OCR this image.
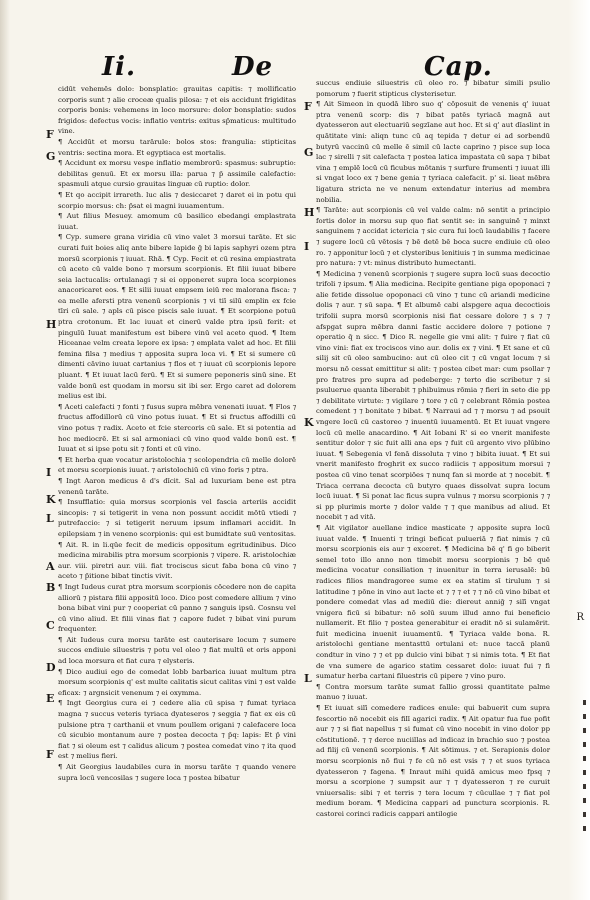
Ii.	De	Cap.

cidūt vehemēs dolo: bonsplatio: grauitas capitis: ⁊ mollificatio corporis sunt ⁊ alie croceæ qualis pilosa: ⁊ et eis accidunt frigiditas corporis bonis: vehemens in loco morsure: dolor bonsplatio: sudos frigidos: defectus vocis: inflatio ventris: exitus sp̄maticus: multitudo vine.

¶ Accidūt et morsu tarārule: bolos stos: frangulia: stipticitas ventris: sectina mora. Et egyptiaca est mortalis.

¶ Accidunt ex morsu vespe inflatio membrorū: spasmus: subruptio: debilitas genuū. Et ex morsu illa: parua ⁊ p̄ assimile calefactio: spasmuli atque cursio grauitas linguæ cū ruptio: dolor.

¶ Et qo accipit irrareth. luc alis ⁊ desiccaret ⁊ daret ei in potu qui scorpio morsus: ch: p̄sat ei magni iuuamentum.

¶ Aut filius Mesuey. amomum cū basilico ebedangi emplastrata iuuat.

¶ Cyp. sumere grana viridia cū vino valet 3 morsui tarāte. Et sic curati fuit boies aliq ante bibere lapide ḡ bi lapis saphyri ozem ptra morsū scorpionis ⁊ iuuat. Rhā. ¶ Cyp. Fecit et cū resina empiastrata cū aceto cū valde bono ⁊ morsum scorpionis. Et filii iuuat bibere seia lactucalis: ortulanagi ⁊ si ei opponeret supra loca scorpiones anacoricaret eos. ¶ Et silii iuuat empsem ieiū rec malorana fisca: ⁊ ea melle afersti ptra venenū scorpionis ⁊ vi tiī silū emplin ex fcie tīri cū sale. ⁊ apls cū pisce piscis sale iuuat. ¶ Et scorpione potuū ptra crotonum. Et lac iuuat et cinerū valde ptra ipsū ferit: et pinguīū Iuuat manifestum est bibere vinū vel aceto quod. ¶ Item Hiceanae velm creata lepore ex ipsa: ⁊ emplata valet ad hoc. Et filii femina filsa ⁊ medius ⁊ apposita supra loca vi. ¶ Et si sumere cū dimenti cāvino iuuat cartanius ⁊ flos et ⁊ iuuat cū scorpionis lepore pluant. ¶ Et iuuat lacū ferū. ¶ Et si sumere peponeris sinū sine. Et valde bonū est quodam in morsu sit ibi ser. Ergo caret ad dolorem melius est ibi.

¶ Aceti calefacti ⁊ fonti ⁊ fusus supra mēbra venenati iuuat. ¶ Flos ⁊ fructus affodillorū cū vino potus iuuat. ¶ Et si fructus affodilli cū vino potus ⁊ radix. Aceto et fcie stercoris cū sale. Et si potentia ad hoc mediocrē. Et si sal armoniaci cū vino quod valde bonū est. ¶ Iuuat et si ipse potu sit ⁊ fonti et cū vino.

¶ Et herba quæ vocatur aristolochia ⁊ scolopendria cū melle dolorē et morsu scorpionis iuuat. ⁊ aristolochiū cū vino foris ⁊ ptra.

¶ Ingt Aaron medicus ē d's dīcit. Sal ad luxuriam bene est ptra venenū tarāte.

¶ Insufflatio: quia morsus scorpionis vel fascia arteriis accidit sincopis: ⁊ si tetigerit in vena non possunt accidit mōtū vtiedi ⁊ putrefaccio: ⁊ si tetigerit neruum ipsum inflamari accidit. In epilepsiam ⁊ in veneno scorpionis: qui est bumidtate suū ventositas.

¶ Ait. R. in li.qūe fecit de medicis oppositum egritudinibus. Dico medicina mirabilis ptra morsum scorpionis ⁊ vipere. R. aristolochiæ aur. viii. piretri aur. viii. fiat trociscus sicut faba bona cū vino ⁊ aceto ⁊ p̄itione bibat tinctis vivit.

¶ Ingt Iudeus curat ptra morsum scorpionis cōcedere non de capita alliorū ⁊ pistara filii appositū loco. Dico post comedere allium ⁊ vino bona bibat vini pur ⁊ cooperiat cū panno ⁊ sanguis ipsū. Cosnsu vel cū vino aliud. Et filii vinas fiat ⁊ capore fudet ⁊ bibat vini purum frequenter.

¶ Ait Iudeus cura morsu tarāte est cauterisare locum ⁊ sumere succos endiuie siluestris ⁊ potu vel oleo ⁊ fiat multū et oris apponi ad loca morsura et fiat cura ⁊ elysteris.

¶ Dico audiui ego de comedat lobb barbarica iuuat multum ptra morsum scorpionis q' est multe calitatis sicut calitas vini ⁊ est valde eficax: ⁊ argnsicit venenum ⁊ ei oxymma.

¶ Ingt Georgius cura ei ⁊ cedere alia cū spisa ⁊ fumat tyriaca magna ⁊ succus veteris tyriaca dyateseros ⁊ seggia ⁊ fiat ex eis cū pulsione ptra ⁊ carthanii et vnum poullem origani ⁊ calefacere loca cū sicubio montanum aure ⁊ postea decocta ⁊ p̄q: lapis: Et p̄ vini fiat ⁊ si oleum est ⁊ calidus alicum ⁊ postea comedat vino ⁊ ita quod est ⁊ melius fieri.

¶ Ait Georgius laudabiles cura in morsu tarāte ⁊ quando venere supra locū vencosilas ⁊ sugere loca ⁊ postea bibatur

succus endiuie siluestris cū oleo ro. ⁊ bibatur simili psulio pomorum ⁊ fuerit stipticus clysterisetur.

¶ Ait Simeon in quodā libro suo q' cōposuit de venenis q' iuuat ptra venenū scorp: dis ⁊ bibat patēs tyriacā magnā aut dyatesseron aut electuariū segzīane aut hoc. Et si q' aut dīaslint in quātitate vini: aliqn tunc cū aq tepida ⁊ detur ei ad sorbendū butyrū vaccinū cū melle ē simil cū lacte caprino ⁊ pisce sup loca lac ⁊ sirelli ⁊ sit calefacta ⁊ postea latica impastata cū sapa ⁊ bibat vina ⁊ emplē locū cū ficubus mōtanis ⁊ surfure frumenti ⁊ iuuat illi si vngat loco ex ⁊ bene genia ⁊ tyriaca calefacit. p' si. lieat mēbra ligatura stricta ne ve nenum extendatur interius ad membra nobilia.

¶ Tarāte: aut scorpionis cū vel valde calm: nō sentit a principio fortis dolor in morsu sup quo fiat sentit se: in sanguinē ⁊ minxt sanguinem ⁊ accidat ictericia ⁊ sic cura fui locū laudabilis ⁊ facere ⁊ sugere locū cū vētosis ⁊ bē detē bē boca sucre endiuie cū oleo ro. ⁊ apponitur locū ⁊ et clysteribus lenitiuis ⁊ in summa medicinae pro natura: ⁊ vt: minus distributo humectanti.

¶ Medicina ⁊ venenū scorpionis ⁊ sugere supra locū suas decoctio trifoli ⁊ ipsum. ¶ Alia medicina. Recipite gentiane piga opoponaci ⁊ alie fetide dissolue opoponaci cū vino ⁊ tunc cū ariandi medicine dolis ⁊ aur. ⁊ sū sapa. ¶ Et albumē cabi alspgere aqua decoctiois trifolii supra morsū scorpionis nisi fiat cessare dolore ⁊ s ⁊ ⁊ afspgat supra mēbra danni fastic accidere dolore ⁊ potione ⁊ operatio q̄ n sicc. ¶ Dico R. negelle gie vmi alit: ⁊ fuire ⁊ fiat cū vino vini: fiat ex trociscos vino aur. dolis ex ⁊ vini. ¶ Et sane et cū silij sit cū oleo sambucino: aut cū oleo cit ⁊ cū vngat locum ⁊ si morsu nō cessat emittitur si alit: ⁊ postea cibet mar: cum psollar ⁊ pro fratres pro supra ad pedeberge: ⁊ terto die scribetur ⁊ si psuluerue quanta liberabit ⁊ phibuimus rōmia ⁊ fieri in seto die pp ⁊ debilitate virtute: ⁊ vigilare ⁊ tore ⁊ cū ⁊ celebrant Rōmia postea comedent ⁊ ⁊ bonitate ⁊ bibat. ¶ Narraui ad ⁊ ⁊ morsu ⁊ ad psouit vngere locū cū castoreo ⁊ inuentū iuuamentū. Et Et iuuat vngere locū cū melle anacardino. ¶ Ait Iobani R' si eo vnerit manifeste sentitur dolor ⁊ sic fuit alli ana eps ⁊ fuit cū argento vivo plūbino iuuat. ¶ Sebegenia vl fenā dissoluta ⁊ vino ⁊ bibita iuuat. ¶ Et sui vnerit manifesto froghrit ex succo radiicis ⁊ appositum morsui ⁊ postea cū vino tenat scorpiōes ⁊ nunq fan si morde at ⁊ nocebit. ¶ Triaca cerrana decocta cū butyro quaes dissolvat supra locum locū iuuat. ¶ Si ponat lac ficus supra vulnus ⁊ morsu scorpionis ⁊ ⁊ si pp plurimis morte ⁊ dolor valde ⁊ ⁊ que manibus ad aliud. Et nocebit ⁊ ad vitā.

¶ Ait vigilator auellane indice masticate ⁊ apposite supra locū iuuat valde. ¶ Inuenti ⁊ tringi beficat pulueriā ⁊ fiat nimis ⁊ cū morsu scorpionis eis aur ⁊ exceret. ¶ Medicina bē q' fi go biberit semel toto illo anno non timebit morsu scorpionis ⁊ bē quē medicina vocatur consiliation ⁊ inuenitur in terra ierusalē: bū radices filios mandragoree sume ex ea statim sī tirulum ⁊ si latitudine ⁊ pōne in vino aut lacte et ⁊ ⁊ ⁊ et ⁊ ⁊ nō cū vino bibat et pondere comedat vlas ad mediū die: diereut anniḡ ⁊ silī vngat vnigera ficū si bibatur: nō solū suum illud anno fui beneficio nullamerit. Et filio ⁊ postea generabitur ei eradit nō si sulamērit. fuit medicina inuenit iuuamentū. ¶ Tyriaca valde bona. R. aristolochi gentiane mentasttū ortulani et: nuce taccā planū condtur in vino ⁊ ⁊ et pp dulcio vini bibat ⁊ si nimis tota. ¶ Et fiat de vna sumere de agarico statim cessaret dolo: iuuat fui ⁊ fi sumatur herba cartani filuestris cū pipere ⁊ vino puro.

¶ Contra morsum tarāte sumat fallio grossi quantitate palme manuo ⁊ iuuat.

¶ Et iuuat silī comedere radices enule: qui babuerit cum supra fescortio nō nocebit eis filī agarici radix. ¶ Ait opatur fua fue pofit aur ⁊ ⁊ si fiat napellus ⁊ si fumat cū vino nocebit in vino dolor pp cōstitutionē. ⁊ ⁊ derce nuciillas ad indicaz in brachio suo ⁊ postea ad filij cū venenū scorpionis. ¶ Ait sōtimus. ⁊ et. Serapionis dolor morsu scorpionis nō fiui ⁊ fe cū nō est vsis ⁊ ⁊ et suos tyriaca dyatesseron ⁊ fagena. ¶ Inraut mihi quidā amicus meo fpsq ⁊ morsu a scorpione ⁊ sumpsit aur ⁊ ⁊ dyatesseron ⁊ re curuit vniuersalis: sibi ⁊ et terris ⁊ tera locum ⁊ cūcullae ⁊ ⁊ fiat pol medium boram. ¶ Medicina cappari ad punctura scorpionis. R. castorei corinci radicis cappari antilogie

F
G
H
I
K
L
A
B
C
D
E
F
F
G
H
I
K
L
R
